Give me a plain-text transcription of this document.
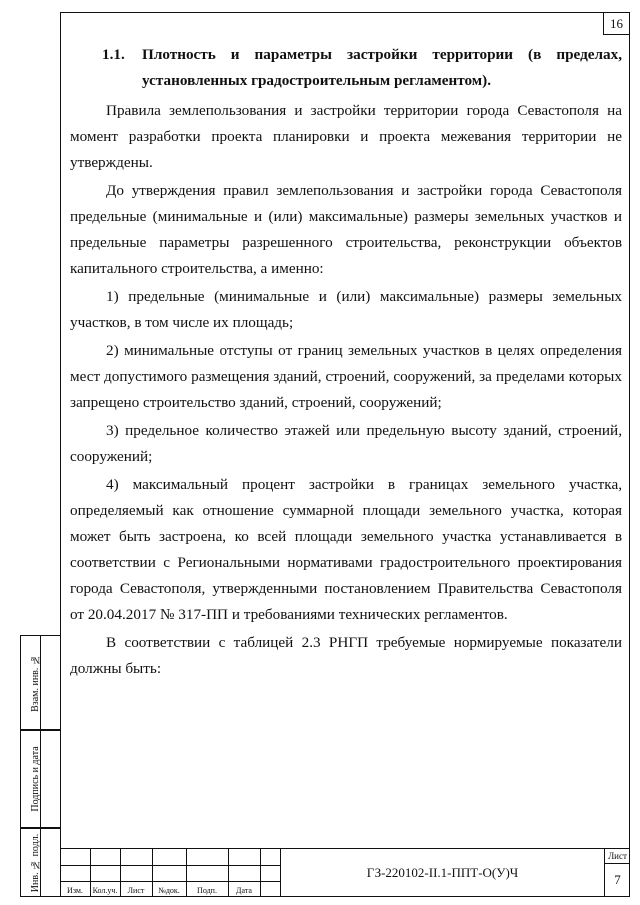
16

1.1. Плотность и параметры застройки территории (в пределах, установленных градостроительным регламентом).

Правила землепользования и застройки территории города Севастополя на момент разработки проекта планировки и проекта межевания территории не утверждены.

До утверждения правил землепользования и застройки города Севастополя предельные (минимальные и (или) максимальные) размеры земельных участков и предельные параметры разрешенного строительства, реконструкции объектов капитального строительства, а именно:

1) предельные (минимальные и (или) максимальные) размеры земельных участков, в том числе их площадь;

2) минимальные отступы от границ земельных участков в целях определения мест допустимого размещения зданий, строений, сооружений, за пределами которых запрещено строительство зданий, строений, сооружений;

3) предельное количество этажей или предельную высоту зданий, строений, сооружений;

4) максимальный процент застройки в границах земельного участка, определяемый как отношение суммарной площади земельного участка, которая может быть застроена, ко всей площади земельного участка устанавливается в соответствии с Региональными нормативами градостроительного проектирования города Севастополя, утвержденными постановлением Правительства Севастополя от 20.04.2017 № 317-ПП и требованиями технических регламентов.

В соответствии с таблицей 2.3 РНГП требуемые нормируемые показатели должны быть:

Взам. инв. №
Подпись и дата
Инв. № подл.	Изм.	Кол.уч.	Лист	№док.	Подп.	Дата
ГЗ-220102-II.1-ППТ-О(У)Ч
Лист
7
